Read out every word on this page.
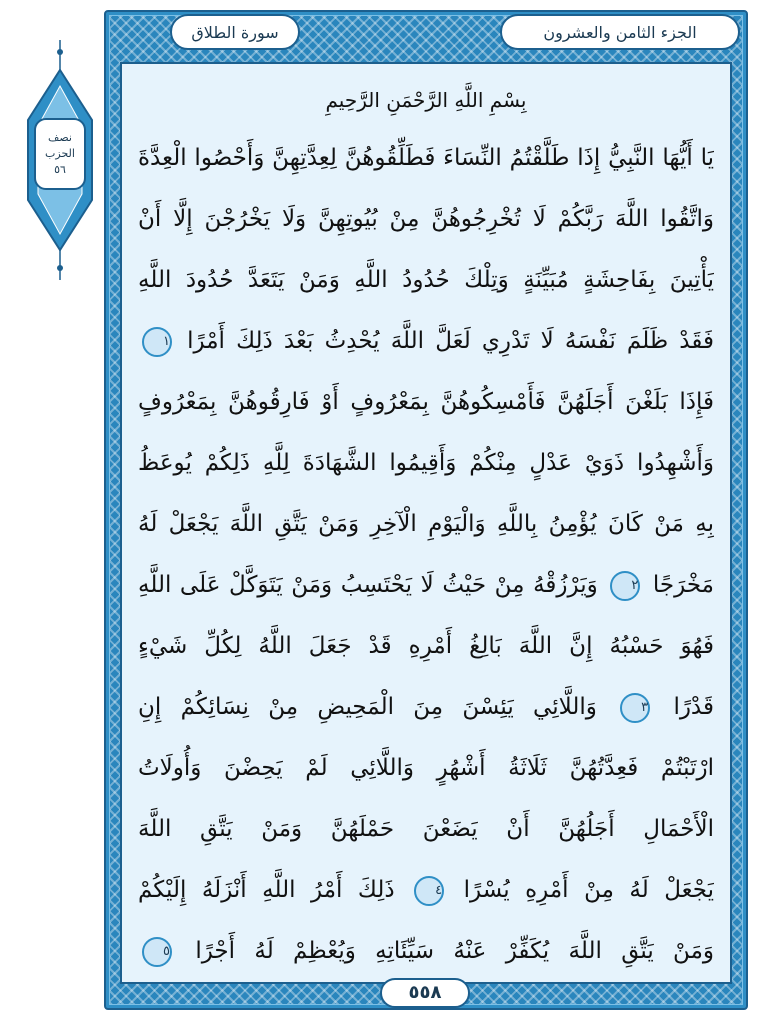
نصف
الحزب
٥٦
الجزء الثامن والعشرون
سورة الطلاق
بِسْمِ اللَّهِ الرَّحْمَنِ الرَّحِيمِ
يَا أَيُّهَا النَّبِيُّ إِذَا طَلَّقْتُمُ النِّسَاءَ فَطَلِّقُوهُنَّ لِعِدَّتِهِنَّ وَأَحْصُوا الْعِدَّةَ
وَاتَّقُوا اللَّهَ رَبَّكُمْ لَا تُخْرِجُوهُنَّ مِنْ بُيُوتِهِنَّ وَلَا يَخْرُجْنَ إِلَّا أَنْ
يَأْتِينَ بِفَاحِشَةٍ مُبَيِّنَةٍ وَتِلْكَ حُدُودُ اللَّهِ وَمَنْ يَتَعَدَّ حُدُودَ اللَّهِ
فَقَدْ ظَلَمَ نَفْسَهُ لَا تَدْرِي لَعَلَّ اللَّهَ يُحْدِثُ بَعْدَ ذَلِكَ أَمْرًا ١
فَإِذَا بَلَغْنَ أَجَلَهُنَّ فَأَمْسِكُوهُنَّ بِمَعْرُوفٍ أَوْ فَارِقُوهُنَّ بِمَعْرُوفٍ
وَأَشْهِدُوا ذَوَيْ عَدْلٍ مِنْكُمْ وَأَقِيمُوا الشَّهَادَةَ لِلَّهِ ذَلِكُمْ يُوعَظُ
بِهِ مَنْ كَانَ يُؤْمِنُ بِاللَّهِ وَالْيَوْمِ الْآخِرِ وَمَنْ يَتَّقِ اللَّهَ يَجْعَلْ لَهُ
مَخْرَجًا ٢ وَيَرْزُقْهُ مِنْ حَيْثُ لَا يَحْتَسِبُ وَمَنْ يَتَوَكَّلْ عَلَى اللَّهِ
فَهُوَ حَسْبُهُ إِنَّ اللَّهَ بَالِغُ أَمْرِهِ قَدْ جَعَلَ اللَّهُ لِكُلِّ شَيْءٍ
قَدْرًا ٣ وَاللَّائِي يَئِسْنَ مِنَ الْمَحِيضِ مِنْ نِسَائِكُمْ إِنِ
ارْتَبْتُمْ فَعِدَّتُهُنَّ ثَلَاثَةُ أَشْهُرٍ وَاللَّائِي لَمْ يَحِضْنَ وَأُولَاتُ
الْأَحْمَالِ أَجَلُهُنَّ أَنْ يَضَعْنَ حَمْلَهُنَّ وَمَنْ يَتَّقِ اللَّهَ
يَجْعَلْ لَهُ مِنْ أَمْرِهِ يُسْرًا ٤ ذَلِكَ أَمْرُ اللَّهِ أَنْزَلَهُ إِلَيْكُمْ
وَمَنْ يَتَّقِ اللَّهَ يُكَفِّرْ عَنْهُ سَيِّئَاتِهِ وَيُعْظِمْ لَهُ أَجْرًا ٥
٥٥٨
